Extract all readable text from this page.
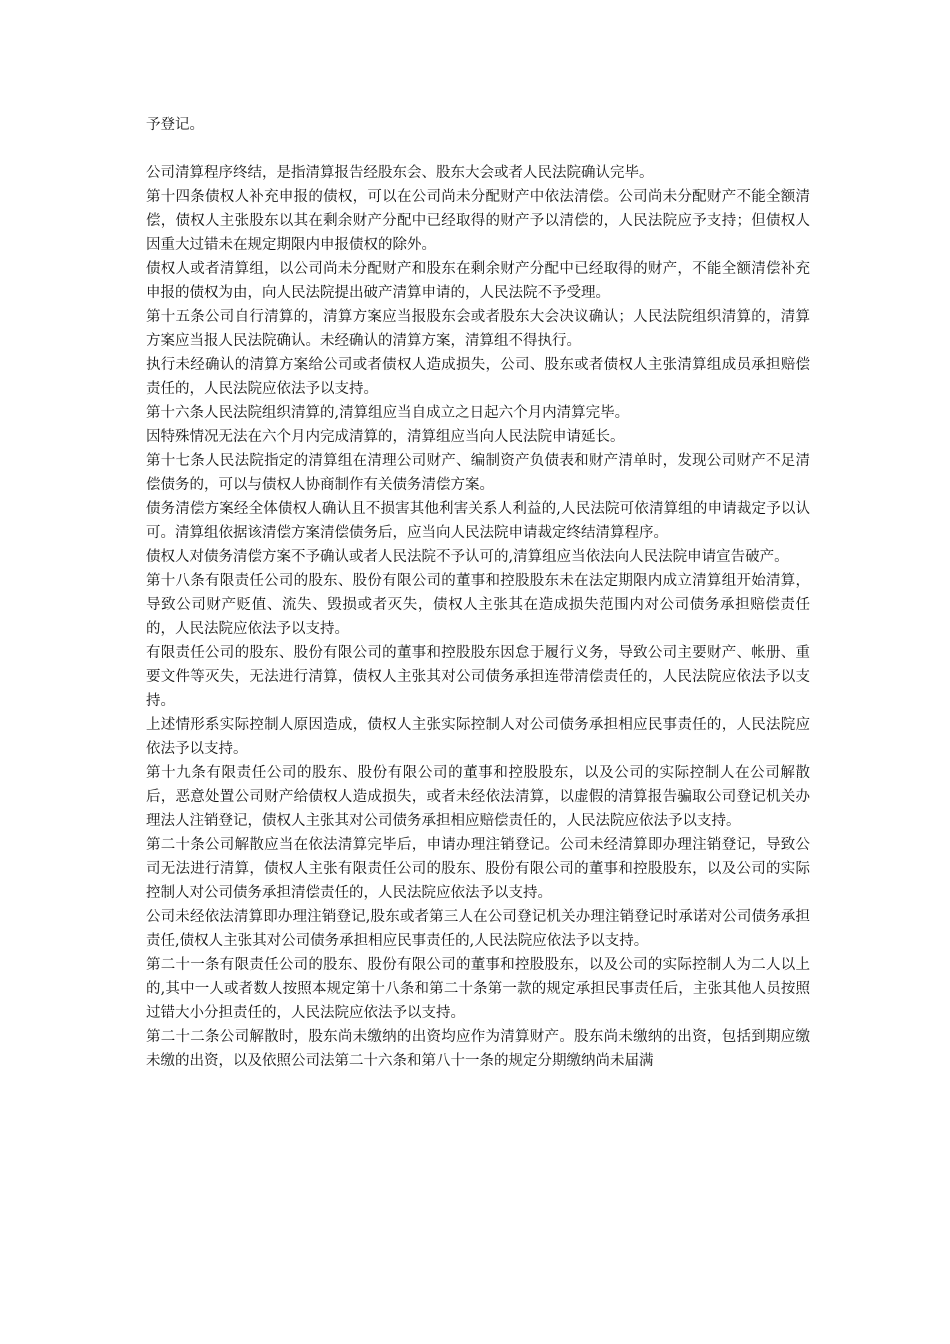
予登记。

公司清算程序终结，是指清算报告经股东会、股东大会或者人民法院确认完毕。

第十四条债权人补充申报的债权，可以在公司尚未分配财产中依法清偿。公司尚未分配财产不能全额清偿，债权人主张股东以其在剩余财产分配中已经取得的财产予以清偿的，人民法院应予支持；但债权人因重大过错未在规定期限内申报债权的除外。

债权人或者清算组，以公司尚未分配财产和股东在剩余财产分配中已经取得的财产，不能全额清偿补充申报的债权为由，向人民法院提出破产清算申请的，人民法院不予受理。

第十五条公司自行清算的，清算方案应当报股东会或者股东大会决议确认；人民法院组织清算的，清算方案应当报人民法院确认。未经确认的清算方案，清算组不得执行。

执行未经确认的清算方案给公司或者债权人造成损失，公司、股东或者债权人主张清算组成员承担赔偿责任的，人民法院应依法予以支持。

第十六条人民法院组织清算的,清算组应当自成立之日起六个月内清算完毕。

因特殊情况无法在六个月内完成清算的，清算组应当向人民法院申请延长。

第十七条人民法院指定的清算组在清理公司财产、编制资产负债表和财产清单时，发现公司财产不足清偿债务的，可以与债权人协商制作有关债务清偿方案。

债务清偿方案经全体债权人确认且不损害其他利害关系人利益的,人民法院可依清算组的申请裁定予以认可。清算组依据该清偿方案清偿债务后，应当向人民法院申请裁定终结清算程序。

债权人对债务清偿方案不予确认或者人民法院不予认可的,清算组应当依法向人民法院申请宣告破产。

第十八条有限责任公司的股东、股份有限公司的董事和控股股东未在法定期限内成立清算组开始清算，导致公司财产贬值、流失、毁损或者灭失，债权人主张其在造成损失范围内对公司债务承担赔偿责任的，人民法院应依法予以支持。

有限责任公司的股东、股份有限公司的董事和控股股东因怠于履行义务，导致公司主要财产、帐册、重要文件等灭失，无法进行清算，债权人主张其对公司债务承担连带清偿责任的，人民法院应依法予以支持。

上述情形系实际控制人原因造成，债权人主张实际控制人对公司债务承担相应民事责任的，人民法院应依法予以支持。

第十九条有限责任公司的股东、股份有限公司的董事和控股股东，以及公司的实际控制人在公司解散后，恶意处置公司财产给债权人造成损失，或者未经依法清算，以虚假的清算报告骗取公司登记机关办理法人注销登记，债权人主张其对公司债务承担相应赔偿责任的，人民法院应依法予以支持。

第二十条公司解散应当在依法清算完毕后，申请办理注销登记。公司未经清算即办理注销登记，导致公司无法进行清算，债权人主张有限责任公司的股东、股份有限公司的董事和控股股东，以及公司的实际控制人对公司债务承担清偿责任的，人民法院应依法予以支持。

公司未经依法清算即办理注销登记,股东或者第三人在公司登记机关办理注销登记时承诺对公司债务承担责任,债权人主张其对公司债务承担相应民事责任的,人民法院应依法予以支持。

第二十一条有限责任公司的股东、股份有限公司的董事和控股股东，以及公司的实际控制人为二人以上的,其中一人或者数人按照本规定第十八条和第二十条第一款的规定承担民事责任后，主张其他人员按照过错大小分担责任的，人民法院应依法予以支持。

第二十二条公司解散时，股东尚未缴纳的出资均应作为清算财产。股东尚未缴纳的出资，包括到期应缴未缴的出资，以及依照公司法第二十六条和第八十一条的规定分期缴纳尚未届满
